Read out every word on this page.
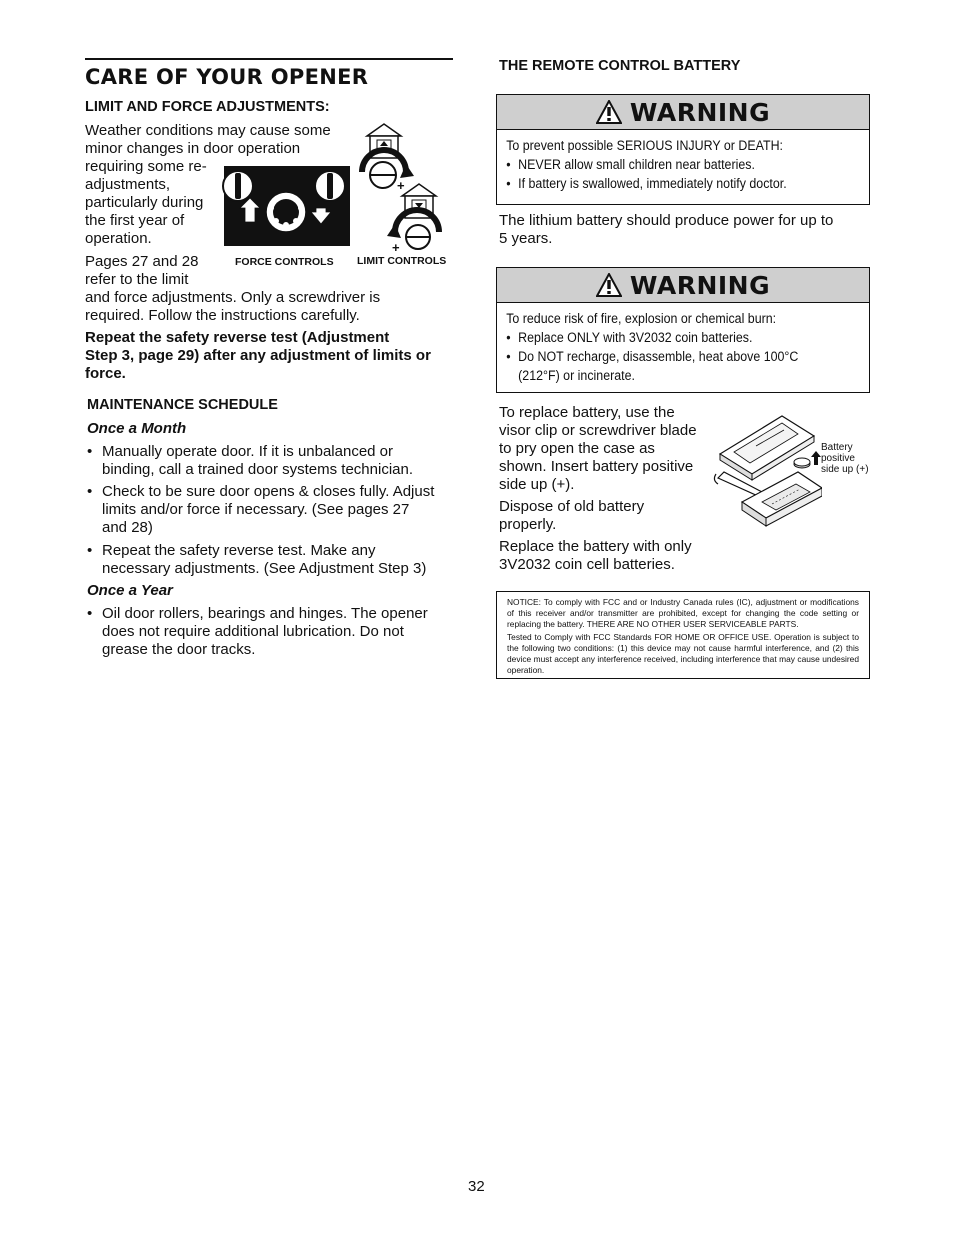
CARE OF YOUR OPENER
LIMIT AND FORCE ADJUSTMENTS:
Weather conditions may cause some
minor changes in door operation
requiring some re-
adjustments,
particularly during
the first year of
operation.
Pages 27 and 28
refer to the limit
and force adjustments. Only a screwdriver is
required. Follow the instructions carefully.
Repeat the safety reverse test (Adjustment
Step 3, page 29) after any adjustment of limits or
force.
+
+
FORCE CONTROLS LIMIT CONTROLS
MAINTENANCE SCHEDULE
Once a Month
• Manually operate door. If it is unbalanced or
binding, call a trained door systems technician.
• Check to be sure door opens & closes fully. Adjust
limits and/or force if necessary. (See pages 27
and 28)
• Repeat the safety reverse test. Make any
necessary adjustments. (See Adjustment Step 3)
Once a Year
• Oil door rollers, bearings and hinges. The opener
does not require additional lubrication. Do not
grease the door tracks.
THE REMOTE CONTROL BATTERY
WARNING
To prevent possible SERIOUS INJURY or DEATH:
• NEVER allow small children near batteries.
• If battery is swallowed, immediately notify doctor.
The lithium battery should produce power for up to
5 years.
WARNING
To reduce risk of fire, explosion or chemical burn:
• Replace ONLY with 3V2032 coin batteries.
• Do NOT recharge, disassemble, heat above 100°C
(212°F) or incinerate.
To replace battery, use the
visor clip or screwdriver blade
to pry open the case as
shown. Insert battery positive
side up (+).
Dispose of old battery
properly.
Replace the battery with only
3V2032 coin cell batteries.
Battery
positive
side up (+)

NOTICE: To comply with FCC and or Industry Canada rules (IC), adjustment or modifications of this receiver and/or transmitter are prohibited, except for changing the code setting or replacing the battery. THERE ARE NO OTHER USER SERVICEABLE PARTS.

Tested to Comply with FCC Standards FOR HOME OR OFFICE USE. Operation is subject to the following two conditions: (1) this device may not cause harmful interference, and (2) this device must accept any interference received, including interference that may cause undesired operation.

32
